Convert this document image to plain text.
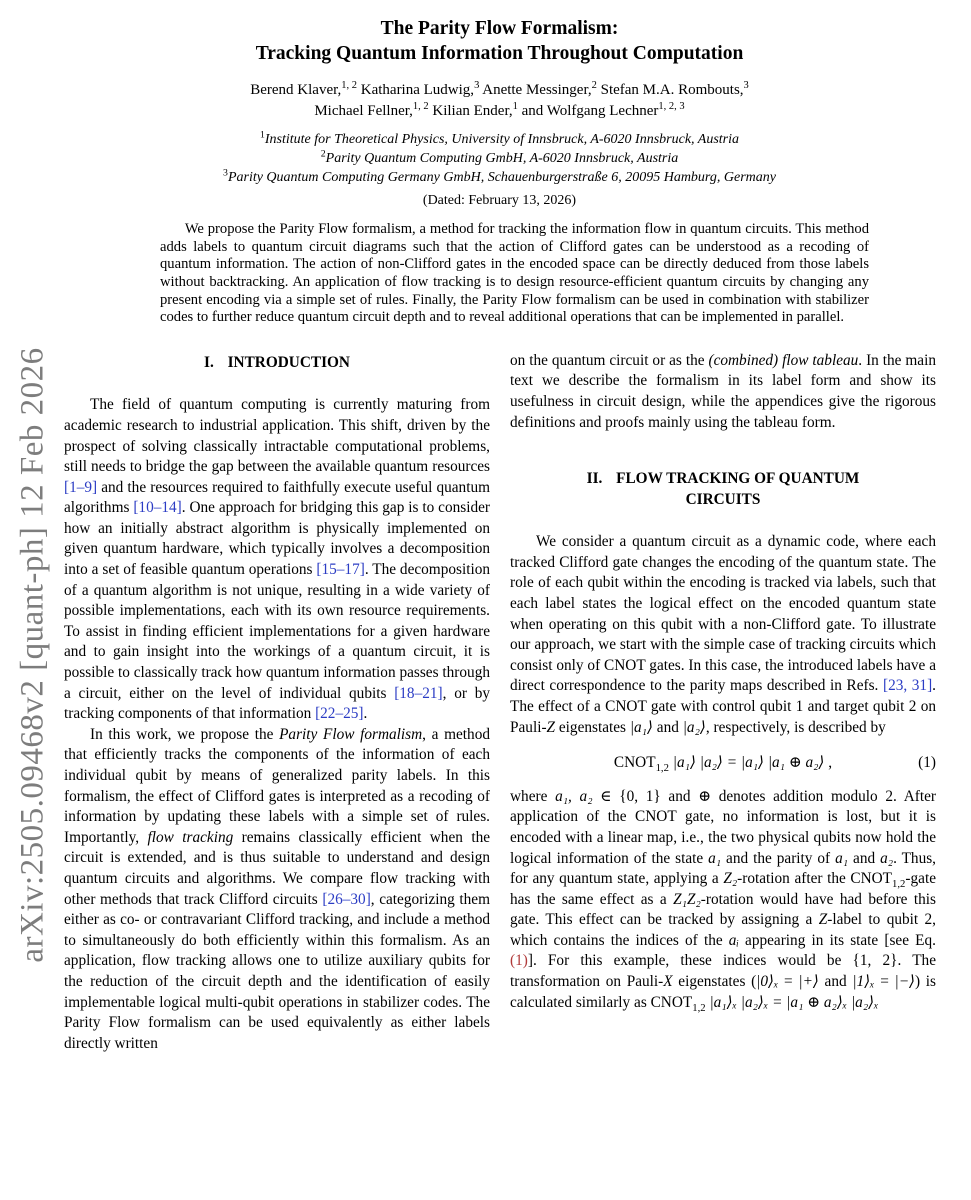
arXiv:2505.09468v2 [quant-ph] 12 Feb 2026
The Parity Flow Formalism:
Tracking Quantum Information Throughout Computation
Berend Klaver,$^{1, 2}$ Katharina Ludwig,$^3$ Anette Messinger,$^2$ Stefan M.A. Rombouts,$^3$
Michael Fellner,$^{1, 2}$ Kilian Ender,$^1$ and Wolfgang Lechner$^{1, 2, 3}$
$^1$Institute for Theoretical Physics, University of Innsbruck, A-6020 Innsbruck, Austria
$^2$Parity Quantum Computing GmbH, A-6020 Innsbruck, Austria
$^3$Parity Quantum Computing Germany GmbH, Schauenburgerstraße 6, 20095 Hamburg, Germany
(Dated: February 13, 2026)
We propose the Parity Flow formalism, a method for tracking the information flow in quantum circuits. This method adds labels to quantum circuit diagrams such that the action of Clifford gates can be understood as a recoding of quantum information. The action of non-Clifford gates in the encoded space can be directly deduced from those labels without backtracking. An application of flow tracking is to design resource-efficient quantum circuits by changing any present encoding via a simple set of rules. Finally, the Parity Flow formalism can be used in combination with stabilizer codes to further reduce quantum circuit depth and to reveal additional operations that can be implemented in parallel.
I. INTRODUCTION

The field of quantum computing is currently maturing from academic research to industrial application. This shift, driven by the prospect of solving classically intractable computational problems, still needs to bridge the gap between the available quantum resources [1–9] and the resources required to faithfully execute useful quantum algorithms [10–14]. One approach for bridging this gap is to consider how an initially abstract algorithm is physically implemented on given quantum hardware, which typically involves a decomposition into a set of feasible quantum operations [15–17]. The decomposition of a quantum algorithm is not unique, resulting in a wide variety of possible implementations, each with its own resource requirements. To assist in finding efficient implementations for a given hardware and to gain insight into the workings of a quantum circuit, it is possible to classically track how quantum information passes through a circuit, either on the level of individual qubits [18–21], or by tracking components of that information [22–25].

In this work, we propose the Parity Flow formalism, a method that efficiently tracks the components of the information of each individual qubit by means of generalized parity labels. In this formalism, the effect of Clifford gates is interpreted as a recoding of information by updating these labels with a simple set of rules. Importantly, flow tracking remains classically efficient when the circuit is extended, and is thus suitable to understand and design quantum circuits and algorithms. We compare flow tracking with other methods that track Clifford circuits [26–30], categorizing them either as co- or contravariant Clifford tracking, and include a method to simultaneously do both efficiently within this formalism. As an application, flow tracking allows one to utilize auxiliary qubits for the reduction of the circuit depth and the identification of easily implementable logical multi-qubit operations in stabilizer codes. The Parity Flow formalism can be used equivalently as either labels directly written

on the quantum circuit or as the (combined) flow tableau. In the main text we describe the formalism in its label form and show its usefulness in circuit design, while the appendices give the rigorous definitions and proofs mainly using the tableau form.

II. FLOW TRACKING OF QUANTUM CIRCUITS

We consider a quantum circuit as a dynamic code, where each tracked Clifford gate changes the encoding of the quantum state. The role of each qubit within the encoding is tracked via labels, such that each label states the logical effect on the encoded quantum state when operating on this qubit with a non-Clifford gate. To illustrate our approach, we start with the simple case of tracking circuits which consist only of CNOT gates. In this case, the introduced labels have a direct correspondence to the parity maps described in Refs. [23, 31]. The effect of a CNOT gate with control qubit 1 and target qubit 2 on Pauli-Z eigenstates |a₁⟩ and |a₂⟩, respectively, is described by

$CNOT_{1,2}$ |a₁⟩ |a₂⟩ = |a₁⟩ |a₁ ⊕ a₂⟩ ,	(1)

where a₁, a₂ ∈ {0, 1} and ⊕ denotes addition modulo 2. After application of the CNOT gate, no information is lost, but it is encoded with a linear map, i.e., the two physical qubits now hold the logical information of the state a₁ and the parity of a₁ and a₂. Thus, for any quantum state, applying a Z₂-rotation after the $CNOT_{1,2}$-gate has the same effect as a Z₁Z₂-rotation would have had before this gate. This effect can be tracked by assigning a Z-label to qubit 2, which contains the indices of the aᵢ appearing in its state [see Eq. (1)]. For this example, these indices would be {1, 2}. The transformation on Pauli-X eigenstates (|0⟩ₓ = |+⟩ and |1⟩ₓ = |−⟩) is calculated similarly as $CNOT_{1,2}$ |a₁⟩ₓ |a₂⟩ₓ = |a₁ ⊕ a₂⟩ₓ |a₂⟩ₓ
